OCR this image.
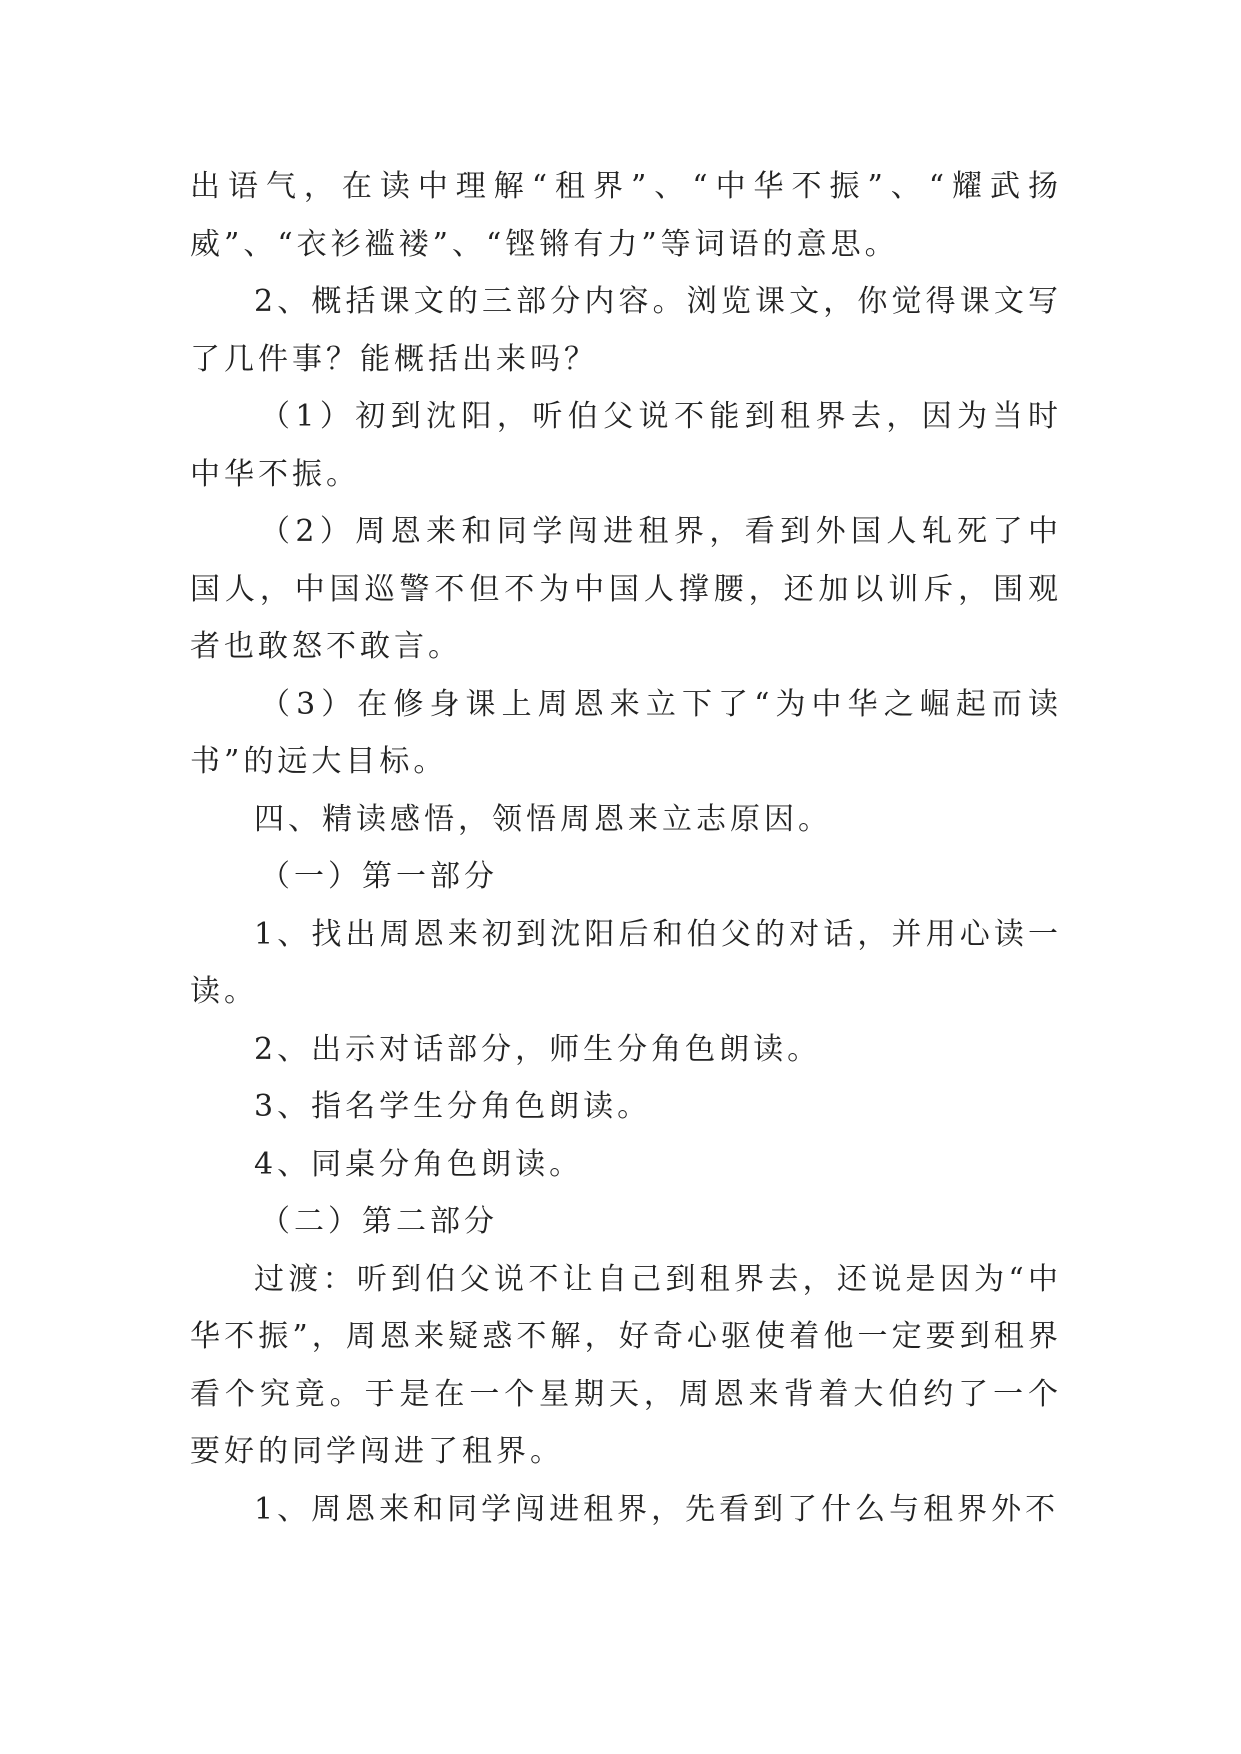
出语气，在读中理解“租界”、“中华不振”、“耀武扬威”、“衣衫褴褛”、“铿锵有力”等词语的意思。

2、概括课文的三部分内容。浏览课文，你觉得课文写了几件事？能概括出来吗？

（1）初到沈阳，听伯父说不能到租界去，因为当时中华不振。

（2）周恩来和同学闯进租界，看到外国人轧死了中国人，中国巡警不但不为中国人撑腰，还加以训斥，围观者也敢怒不敢言。

（3）在修身课上周恩来立下了“为中华之崛起而读书”的远大目标。

四、精读感悟，领悟周恩来立志原因。

（一）第一部分

1、找出周恩来初到沈阳后和伯父的对话，并用心读一读。

2、出示对话部分，师生分角色朗读。

3、指名学生分角色朗读。

4、同桌分角色朗读。

（二）第二部分

过渡：听到伯父说不让自己到租界去，还说是因为“中华不振”，周恩来疑惑不解，好奇心驱使着他一定要到租界看个究竟。于是在一个星期天，周恩来背着大伯约了一个要好的同学闯进了租界。

1、周恩来和同学闯进租界，先看到了什么与租界外不
